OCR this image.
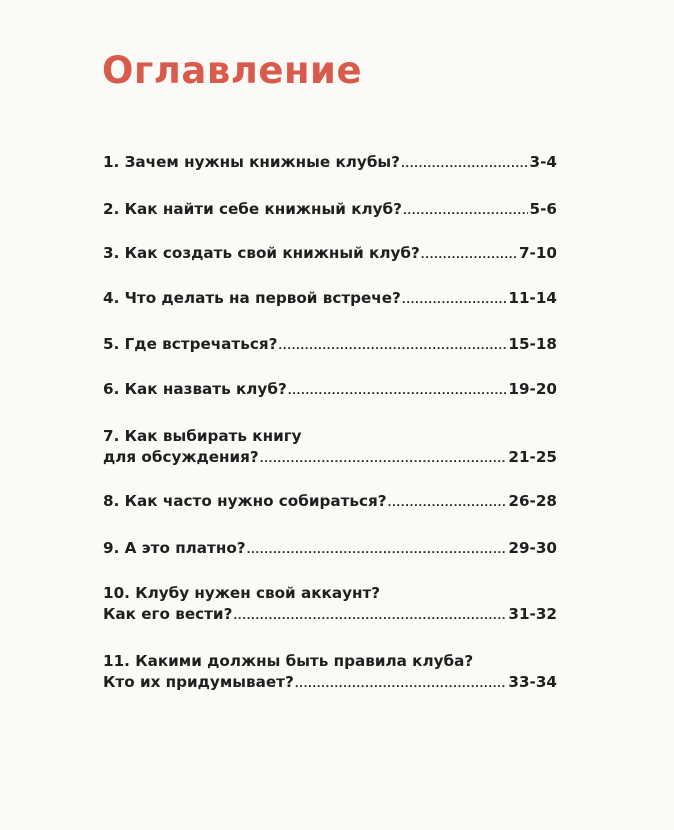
Оглавление
1. Зачем нужны книжные клубы? .....	3-4
2. Как найти себе книжный клуб? .....	5-6
3. Как создать свой книжный клуб? .....	7-10
4. Что делать на первой встрече? .....	11-14
5. Где встречаться? .....	15-18
6. Как назвать клуб? .....	19-20
7. Как выбирать книгу
для обсуждения? .....	21-25
8. Как часто нужно собираться? .....	26-28
9. А это платно? .....	29-30
10. Клубу нужен свой аккаунт?
Как его вести? .....	31-32
11. Какими должны быть правила клуба?
Кто их придумывает? .....	33-34
